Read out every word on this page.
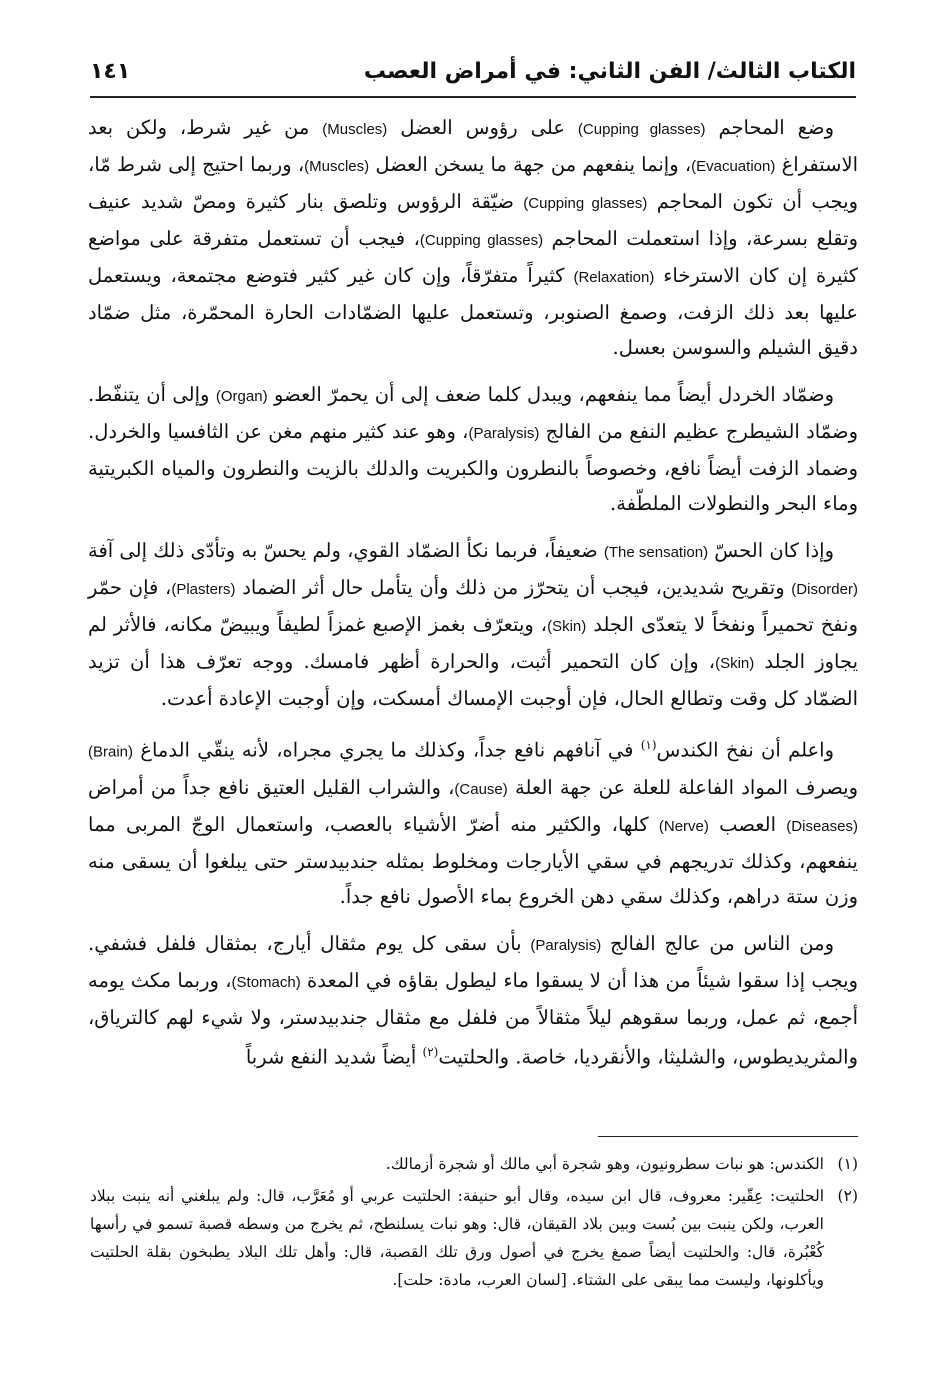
الكتاب الثالث/ الفن الثاني: في أمراض العصب
١٤١

وضع المحاجم (Cupping glasses) على رؤوس العضل (Muscles) من غير شرط، ولكن بعد الاستفراغ (Evacuation)، وإنما ينفعهم من جهة ما يسخن العضل (Muscles)، وربما احتيج إلى شرط مّا، ويجب أن تكون المحاجم (Cupping glasses) ضيّقة الرؤوس وتلصق بنار كثيرة ومصّ شديد عنيف وتقلع بسرعة، وإذا استعملت المحاجم (Cupping glasses)، فيجب أن تستعمل متفرقة على مواضع كثيرة إن كان الاسترخاء (Relaxation) كثيراً متفرّقاً، وإن كان غير كثير فتوضع مجتمعة، ويستعمل عليها بعد ذلك الزفت، وصمغ الصنوبر، وتستعمل عليها الضمّادات الحارة المحمّرة، مثل ضمّاد دقيق الشيلم والسوسن بعسل.

وضمّاد الخردل أيضاً مما ينفعهم، ويبدل كلما ضعف إلى أن يحمرّ العضو (Organ) وإلى أن يتنفّط. وضمّاد الشيطرج عظيم النفع من الفالج (Paralysis)، وهو عند كثير منهم مغن عن الثافسيا والخردل. وضماد الزفت أيضاً نافع، وخصوصاً بالنطرون والكبريت والدلك بالزيت والنطرون والمياه الكبريتية وماء البحر والنطولات الملطّفة.

وإذا كان الحسّ (The sensation) ضعيفاً، فربما نكأ الضمّاد القوي، ولم يحسّ به وتأدّى ذلك إلى آفة (Disorder) وتقريح شديدين، فيجب أن يتحرّز من ذلك وأن يتأمل حال أثر الضماد (Plasters)، فإن حمّر ونفخ تحميراً ونفخاً لا يتعدّى الجلد (Skin)، ويتعرّف بغمز الإصبع غمزاً لطيفاً ويبيضّ مكانه، فالأثر لم يجاوز الجلد (Skin)، وإن كان التحمير أثبت، والحرارة أظهر فامسك. ووجه تعرّف هذا أن تزيد الضمّاد كل وقت وتطالع الحال، فإن أوجبت الإمساك أمسكت، وإن أوجبت الإعادة أعدت.

واعلم أن نفخ الكندس$^{(١)}$ في آنافهم نافع جداً، وكذلك ما يجري مجراه، لأنه ينقّي الدماغ (Brain) ويصرف المواد الفاعلة للعلة عن جهة العلة (Cause)، والشراب القليل العتيق نافع جداً من أمراض (Diseases) العصب (Nerve) كلها، والكثير منه أضرّ الأشياء بالعصب، واستعمال الوجّ المربى مما ينفعهم، وكذلك تدريجهم في سقي الأيارجات ومخلوط بمثله جندبيدستر حتى يبلغوا أن يسقى منه وزن ستة دراهم، وكذلك سقي دهن الخروع بماء الأصول نافع جداً.

ومن الناس من عالج الفالج (Paralysis) بأن سقى كل يوم مثقال أيارج، بمثقال فلفل فشفي. ويجب إذا سقوا شيئاً من هذا أن لا يسقوا ماء ليطول بقاؤه في المعدة (Stomach)، وربما مكث يومه أجمع، ثم عمل، وربما سقوهم ليلاً مثقالاً من فلفل مع مثقال جندبيدستر، ولا شيء لهم كالترياق، والمثريديطوس، والشليثا، والأنقرديا، خاصة. والحلتيت$^{(٢)}$ أيضاً شديد النفع شرباً

(١)
الكندس: هو نبات سطرونيون، وهو شجرة أبي مالك أو شجرة أزمالك.
(٢)
الحلتيت: عِقّير: معروف، قال ابن سيده، وقال أبو حنيفة: الحلتيت عربي أو مُعَرَّب، قال: ولم يبلغني أنه ينبت ببلاد العرب، ولكن ينبت بين بُست وبين بلاد القيقان، قال: وهو نبات يسلنطح، ثم يخرج من وسطه قصبة تسمو في رأسها كُعْبُرة، قال: والحلتيت أيضاً صمغ يخرج في أصول ورق تلك القصبة، قال: وأهل تلك البلاد يطبخون بقلة الحلتيت ويأكلونها، وليست مما يبقى على الشتاء. [لسان العرب، مادة: حلت].
